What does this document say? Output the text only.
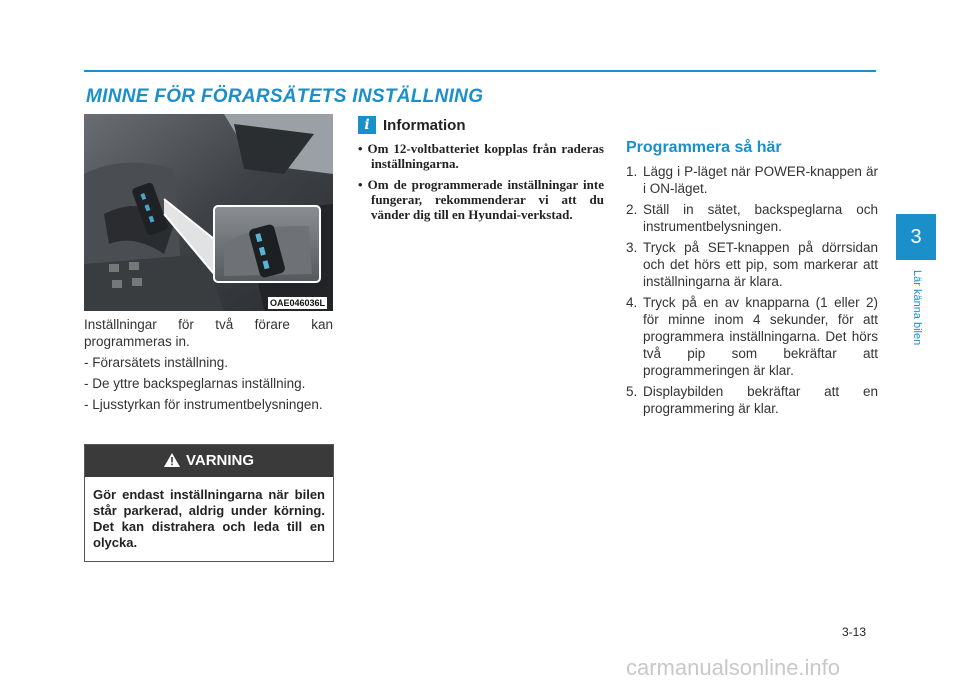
MINNE FÖR FÖRARSÄTETS INSTÄLLNING
3
Lär känna bilen
OAE046036L

Inställningar för två förare kan programmeras in.

- Förarsätets inställning.

- De yttre backspeglarnas inställning.

- Ljusstyrkan för instrumentbelysningen.

VARNING
Gör endast inställningarna när bilen står parkerad, aldrig under körning. Det kan distrahera och leda till en olycka.
i Information
• Om 12-voltbatteriet kopplas från raderas inställningarna.
• Om de programmerade inställningar inte fungerar, rekommenderar vi att du vänder dig till en Hyundai-verkstad.
Programmera så här
1. Lägg i P-läget när POWER-knappen är i ON-läget.
2. Ställ in sätet, backspeglarna och instrumentbelysningen.
3. Tryck på SET-knappen på dörrsidan och det hörs ett pip, som markerar att inställningarna är klara.
4. Tryck på en av knapparna (1 eller 2) för minne inom 4 sekunder, för att programmera inställningarna. Det hörs två pip som bekräftar att programmeringen är klar.
5. Displaybilden bekräftar att en programmering är klar.
3-13
carmanualsonline.info
